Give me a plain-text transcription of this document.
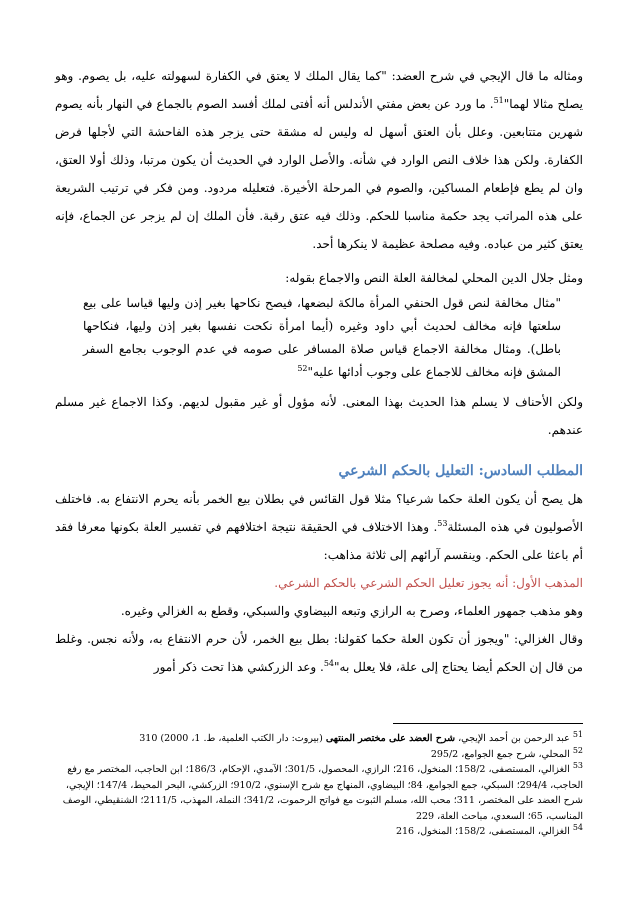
ومثاله ما قال الإيجي في شرح العضد: "كما يقال الملك لا يعتق في الكفارة لسهولته عليه، بل يصوم. وهو يصلح مثالا لهما"$^{51}$. ما ورد عن بعض مفتي الأندلس أنه أفتى لملك أفسد الصوم بالجماع في النهار بأنه يصوم شهرين متتابعين. وعلل بأن العتق أسهل له وليس له مشقة حتى يزجر هذه الفاحشة التي لأجلها فرض الكفارة. ولكن هذا خلاف النص الوارد في شأنه. والأصل الوارد في الحديث أن يكون مرتبا، وذلك أولا العتق، وان لم يطع فإطعام المساكين، والصوم في المرحلة الأخيرة. فتعليله مردود. ومن فكر في ترتيب الشريعة على هذه المراتب يجد حكمة مناسبا للحكم. وذلك فيه عتق رقبة. فأن الملك إن لم يزجر عن الجماع، فإنه يعتق كثير من عباده. وفيه مصلحة عظيمة لا ينكرها أحد.

ومثل جلال الدين المحلي لمخالفة العلة النص والاجماع بقوله:

"مثال مخالفة لنص قول الحنفي المرأة مالكة لبضعها، فيصح نكاحها بغير إذن وليها قياسا على بيع سلعتها فإنه مخالف لحديث أبي داود وغيره (أيما امرأة نكحت نفسها بغير إذن وليها، فنكاحها باطل). ومثال مخالفة الاجماع قياس صلاة المسافر على صومه في عدم الوجوب بجامع السفر المشق فإنه مخالف للاجماع على وجوب أدائها عليه"$^{52}$

ولكن الأحناف لا يسلم هذا الحديث بهذا المعنى. لأنه مؤول أو غير مقبول لديهم. وكذا الاجماع غير مسلم عندهم.

المطلب السادس: التعليل بالحكم الشرعي

هل يصح أن يكون العلة حكما شرعيا؟ مثلا قول القائس في بطلان بيع الخمر بأنه يحرم الانتفاع به. فاختلف الأصوليون في هذه المسئلة$^{53}$. وهذا الاختلاف في الحقيقة نتيجة اختلافهم في تفسير العلة بكونها معرفا فقد أم باعثا على الحكم. وينقسم آرائهم إلى ثلاثة مذاهب:

المذهب الأول: أنه يجوز تعليل الحكم الشرعي بالحكم الشرعي.

وهو مذهب جمهور العلماء، وصرح به الرازي وتبعه البيضاوي والسبكي، وقطع به الغزالي وغيره.

وقال الغزالي: "ويجوز أن تكون العلة حكما كقولنا: بطل بيع الخمر، لأن حرم الانتفاع به، ولأنه نجس. وغلط من قال إن الحكم أيضا يحتاج إلى علة، فلا يعلل به"$^{54}$. وعد الزركشي هذا تحت ذكر أمور

$^{51}$ عبد الرحمن بن أحمد الإيجي، شرح العضد على مختصر المنتهى (بيروت: دار الكتب العلمية، ط. 1، 2000) 310

$^{52}$ المحلي، شرح جمع الجوامع، 295/2

$^{53}$ الغزالي، المستصفى، 158/2؛ المنخول، 216؛ الرازي، المحصول، 301/5؛ الآمدي، الإحكام، 186/3؛ ابن الحاجب، المختصر مع رفع الحاجب، 294/4؛ السبكي، جمع الجوامع، 84؛ البيضاوي، المنهاج مع شرح الإسنوي، 910/2؛ الزركشي، البحر المحيط، 147/4؛ الإيجي، شرح العضد على المختصر، 311؛ محب الله، مسلم الثبوت مع فواتح الرحموت، 341/2؛ النملة، المهذب، 2111/5؛ الشنقيطي، الوصف المناسب، 65؛ السعدي، مباحث العلة، 229

$^{54}$ الغزالي، المستصفى، 158/2؛ المنخول، 216
